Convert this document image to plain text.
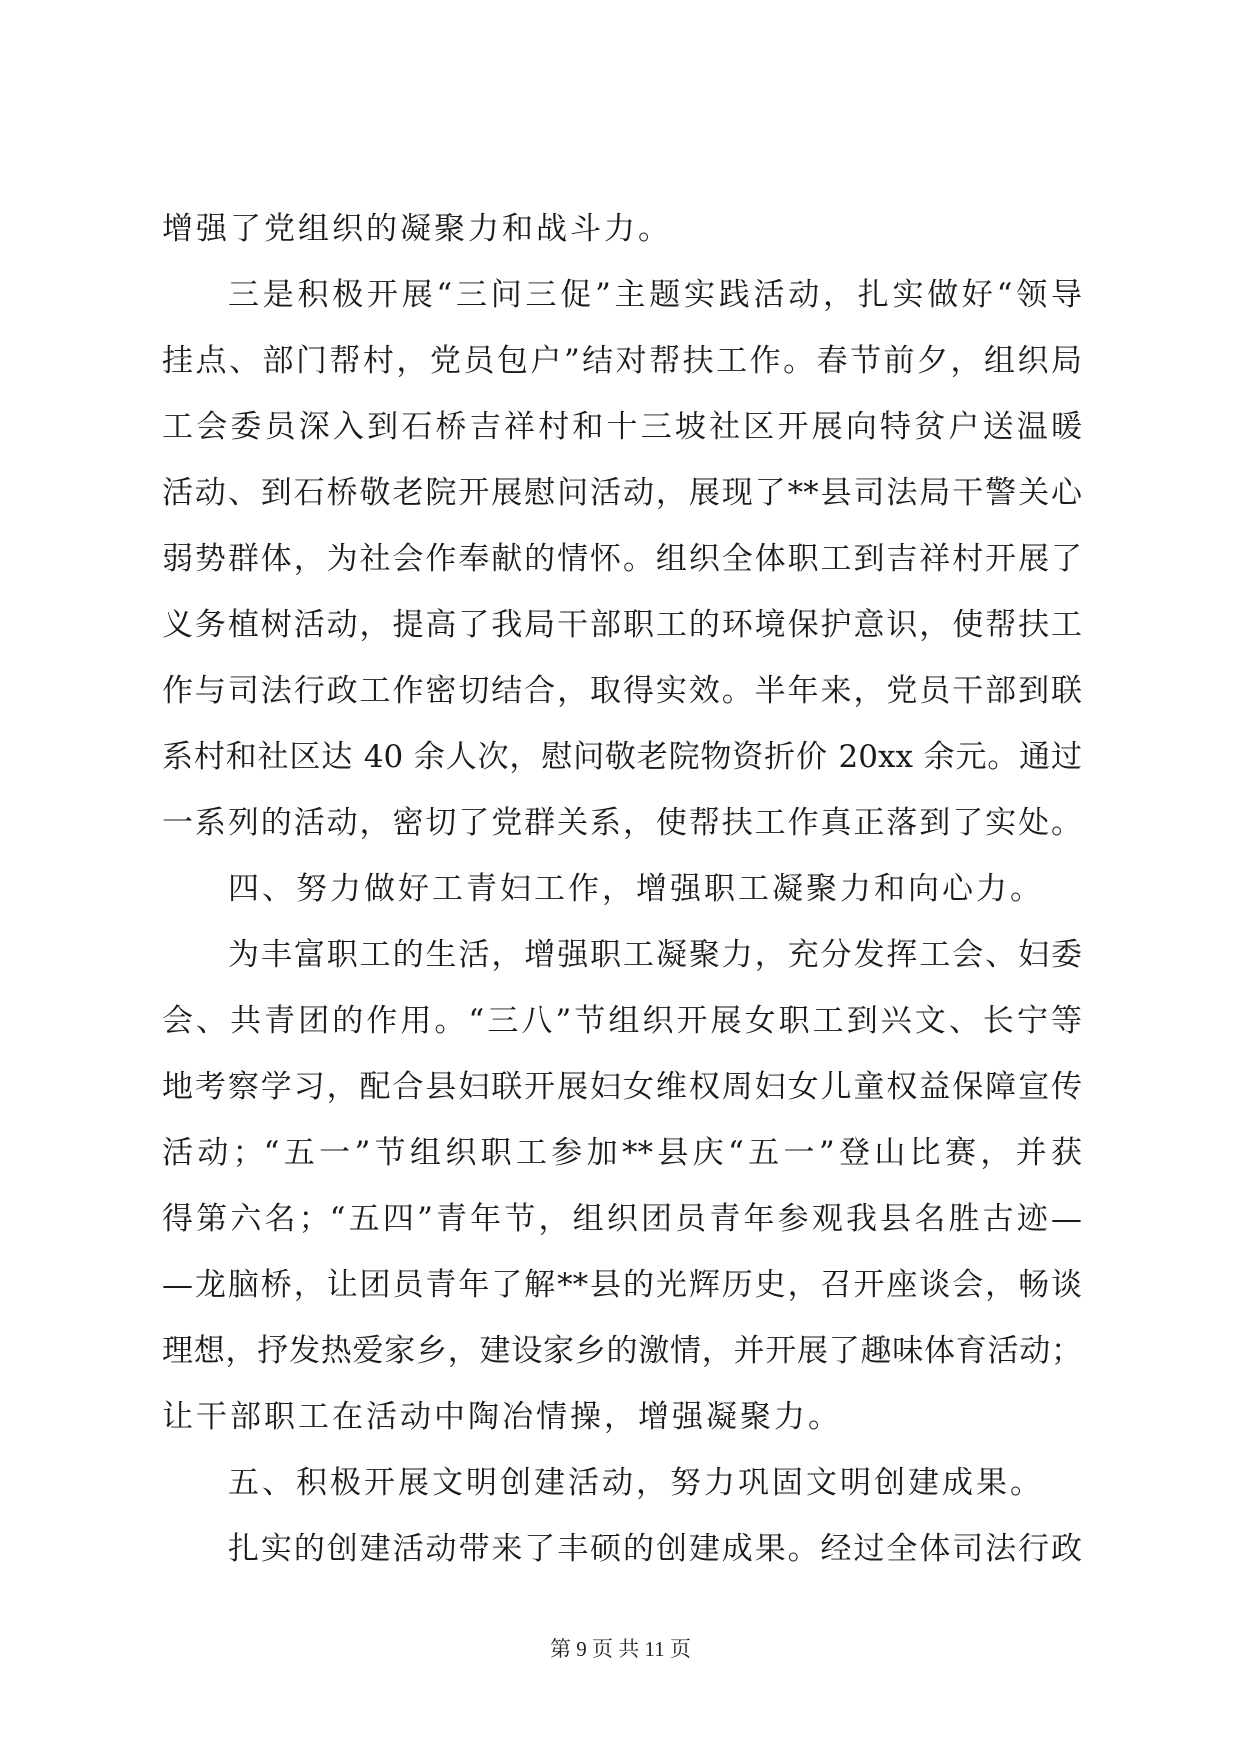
增强了党组织的凝聚力和战斗力。
三是积极开展“三问三促”主题实践活动，扎实做好“领导
挂点、部门帮村，党员包户”结对帮扶工作。春节前夕，组织局
工会委员深入到石桥吉祥村和十三坡社区开展向特贫户送温暖
活动、到石桥敬老院开展慰问活动，展现了**县司法局干警关心
弱势群体，为社会作奉献的情怀。组织全体职工到吉祥村开展了
义务植树活动，提高了我局干部职工的环境保护意识，使帮扶工
作与司法行政工作密切结合，取得实效。半年来，党员干部到联
系村和社区达 40 余人次，慰问敬老院物资折价 20xx 余元。通过
一系列的活动，密切了党群关系，使帮扶工作真正落到了实处。
四、努力做好工青妇工作，增强职工凝聚力和向心力。
为丰富职工的生活，增强职工凝聚力，充分发挥工会、妇委
会、共青团的作用。“三八”节组织开展女职工到兴文、长宁等
地考察学习，配合县妇联开展妇女维权周妇女儿童权益保障宣传
活动；“五一”节组织职工参加**县庆“五一”登山比赛，并获
得第六名；“五四”青年节，组织团员青年参观我县名胜古迹—
—龙脑桥，让团员青年了解**县的光辉历史，召开座谈会，畅谈
理想，抒发热爱家乡，建设家乡的激情，并开展了趣味体育活动；
让干部职工在活动中陶冶情操，增强凝聚力。
五、积极开展文明创建活动，努力巩固文明创建成果。
扎实的创建活动带来了丰硕的创建成果。经过全体司法行政
第 9 页 共 11 页
